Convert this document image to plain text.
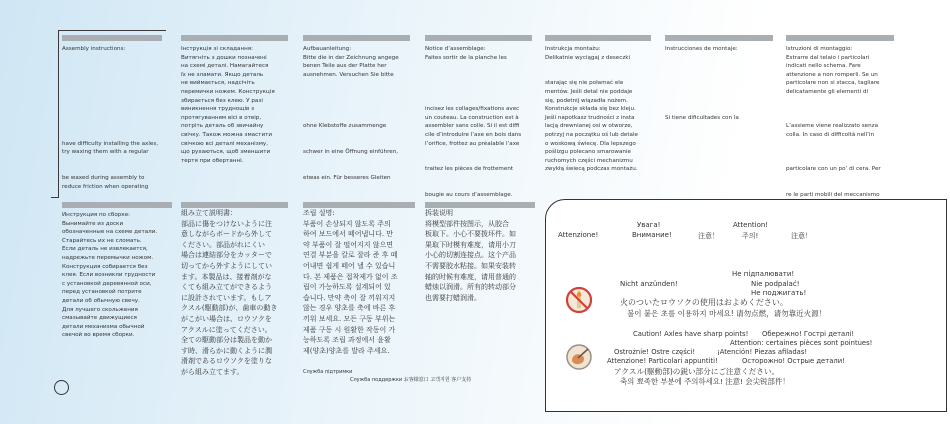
Assembly instructions:

have difficulty installing the axles,
try waxing them with a regular

be waxed during assembly to
reduce friction when operating
Інструкція зі складання:
Витягніть з дошки позначені
на схемі деталі. Намагайтеся
їх не зламати. Якщо деталь
не виймається, надсічіть
перемички ножем. Конструкція
збирається без клею. У разі
виникнення труднощів з
протягуванням вісі в отвір,
потріть деталь об звичайну
свічку. Також можна змастити
свічкою всі деталі механізму,
що рухаються, щоб зменшити
тертя при обертанні.
Aufbauanleitung:
Bitte die in der Zeichnung angege
benen Teile aus der Platte her
ausnehmen. Versuchen Sie bitte

ohne Klebstoffe zusammenge

schwer in eine Öffnung einführen,

etwas ein. Für besseres Gleiten
Notice d’assemblage:
Faites sortir de la planche les

incisez les collages/fixations avec
un couteau. La construction est à
assembler sans colle. Si il est diffi
cile d’introduire l’axe en bois dans
l’orifice, frottez au préalable l’axe

traitez les pièces de frottement

bougie au cours d’assemblage.
Instrukcja montażu:
Delikatnie wyciągaj z deseczki

starając się nie połamać ele
mentów. Jeśli detal nie poddaje
się, podetnij wiązadła nożem.
Konstrukcje składa się bez kleju.
Jeśli napotkasz trudności z insta
lacją drewnianej osi w otworze,
potrzyj na początku oś lub detale
o woskową świecę. Dla lepszego
poślizgu polecano smarowanie
ruchomych części mechanizmu
zwykłą świecą podczas montażu.
Instrucciones de montaje:

Si tiene dificultades con la
Istruzioni di montaggio:
Estrarre dal telaio i particolari
indicati nello schema. Fare
attenzione a non romperli. Se un
particolare non si stacca, tagliare
delicatamente gli elementi di

L’assieme viene realizzato senza
colla. In caso di difficoltà nell’in

particolare con un po’ di cera. Per

re le parti mobili del meccanismo

Инструкция по сборке:
Вынимайте из доски
обозначенные на схеме детали.
Старайтесь их не сломать.
Если деталь не извлекается,
надрежьте перемычки ножом.
Конструкция собирается без
клея. Если возникли трудности
с установкой деревянной оси,
перед установкой потрите
детали об обычную свечу.
Для лучшего скольжения
смазывайте движущиеся
детали механизма обычной
свечой во время сборки.
組み立て説明書：
部品に傷をつけないように注
意しながらボードから外して
ください。部品がれにくい
場合は連結部分をカッターで
切ってから外すようにしてい
ます。本製品は、接着剤がな
くても組み立てができるよう
に設計されています。もしア
クスル(駆動部)が、歯車の動き
がこがい場合は、ロウソクを
アクスルに塗ってください。
全ての駆動部分は製品を動か
す時、滑らかに動くように潤
滑剤であるロウソクを塗りな
がら組み立てます。
조립 설명:
부품이 손상되지 않도록 주의
하여 보드에서 떼어냅니다. 만
약 부품이 잘 떨어지지 않으면
연결 부분을 칼로 잘라 준 후 떼
어내면 쉽게 떼어 낼 수 있습니
다. 본 제품은 접착제가 없이 조
립이 가능하도록 설계되어 있
습니다. 만약 축이 잘 끼워지지
않는 경우 양초를 축에 바른 후
끼워 보세요. 모든 구동 부위는
제품 구동 시 원활한 작동이 가
능하도록 조립 과정에서 윤활
제(양초)양초를 발라 주세요.
拆装说明
将模型部件按图示，从胶合
板取下。小心不要拨坏件。如
果取下时模有难度，请用小刀
小心的切割连接点。这个产品
不需要胶水粘接。如果安装转
轴的时候有难度，请用普通的
蜡烛以润滑。所有的转动部分
也需要打蜡润滑。
Служба підтримки
Служба поддержки お客様窓口 고객지원 客户支持
Увага!	Attention!
Attenzione!	Внимание!	注意！	주의!	注意！
Не підпалювати!
Nicht anzünden!	Nie podpalać!
Не поджигать!
火のついたロウソクの使用はおよめください。
불이 붙은 초를 이용하지 마세요! 请勿点燃，请勿靠近火源！
Caution! Axles have sharp points! Обережно! Гострі деталі!
Attention: certaines pièces sont pointues!
Ostrożnie! Ostre części!	¡Atención! Piezas afiladas!
Attenzione! Particolari appuntiti!	Осторожно! Острые детали!
アクスル(駆動部)の鋭い部分にご注意ください。
축의 뾰족한 부분에 주의하세요! 注意! 会尖锐部件！
